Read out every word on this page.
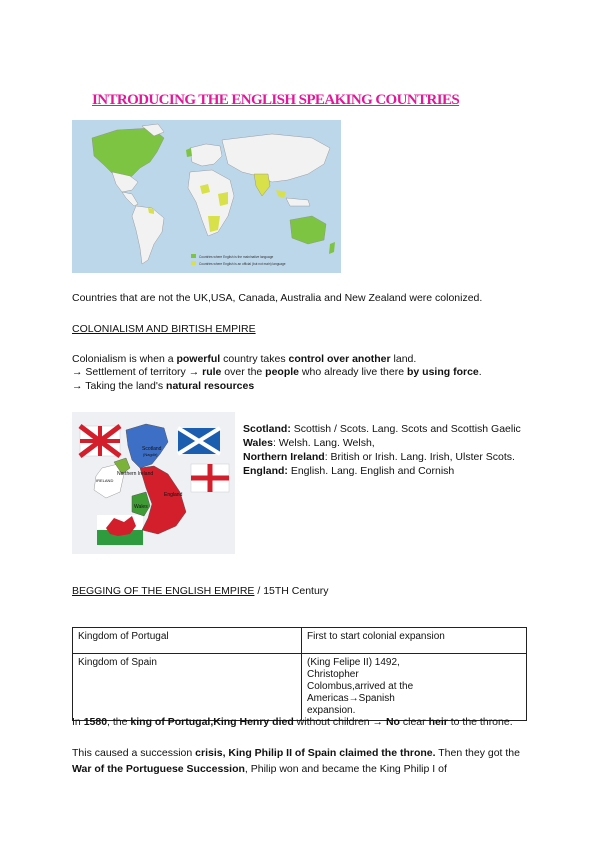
INTRODUCING THE ENGLISH SPEAKING COUNTRIES
Countries where English is the main/native language
Countries where English is an official (but not main) language
Countries that are not the UK,USA, Canada, Australia and New Zealand were colonized.
COLONIALISM AND BIRTISH EMPIRE
Colonialism is when a powerful country takes control over another land.
→ Settlement of territory → rule over the people who already live there by using force.
→ Taking the land's natural resources
Scotland
(Nagdir)
Northern Ireland
IRELAND
Wales
England
Scotland: Scottish / Scots. Lang. Scots and Scottish Gaelic
Wales: Welsh. Lang. Welsh,
Northern Ireland: British or Irish. Lang. Irish, Ulster Scots.
England: English. Lang. English and Cornish
BEGGING OF THE ENGLISH EMPIRE / 15TH Century
Kingdom of Portugal	First to start colonial expansion
Kingdom of Spain	(King Felipe II) 1492, Christopher Colombus,arrived at the Americas→Spanish expansion.
In 1580, the king of Portugal,King Henry died without children → No clear heir to the throne.
This caused a succession crisis, King Philip II of Spain claimed the throne. Then they got the War of the Portuguese Succession, Philip won and became the King Philip I of
